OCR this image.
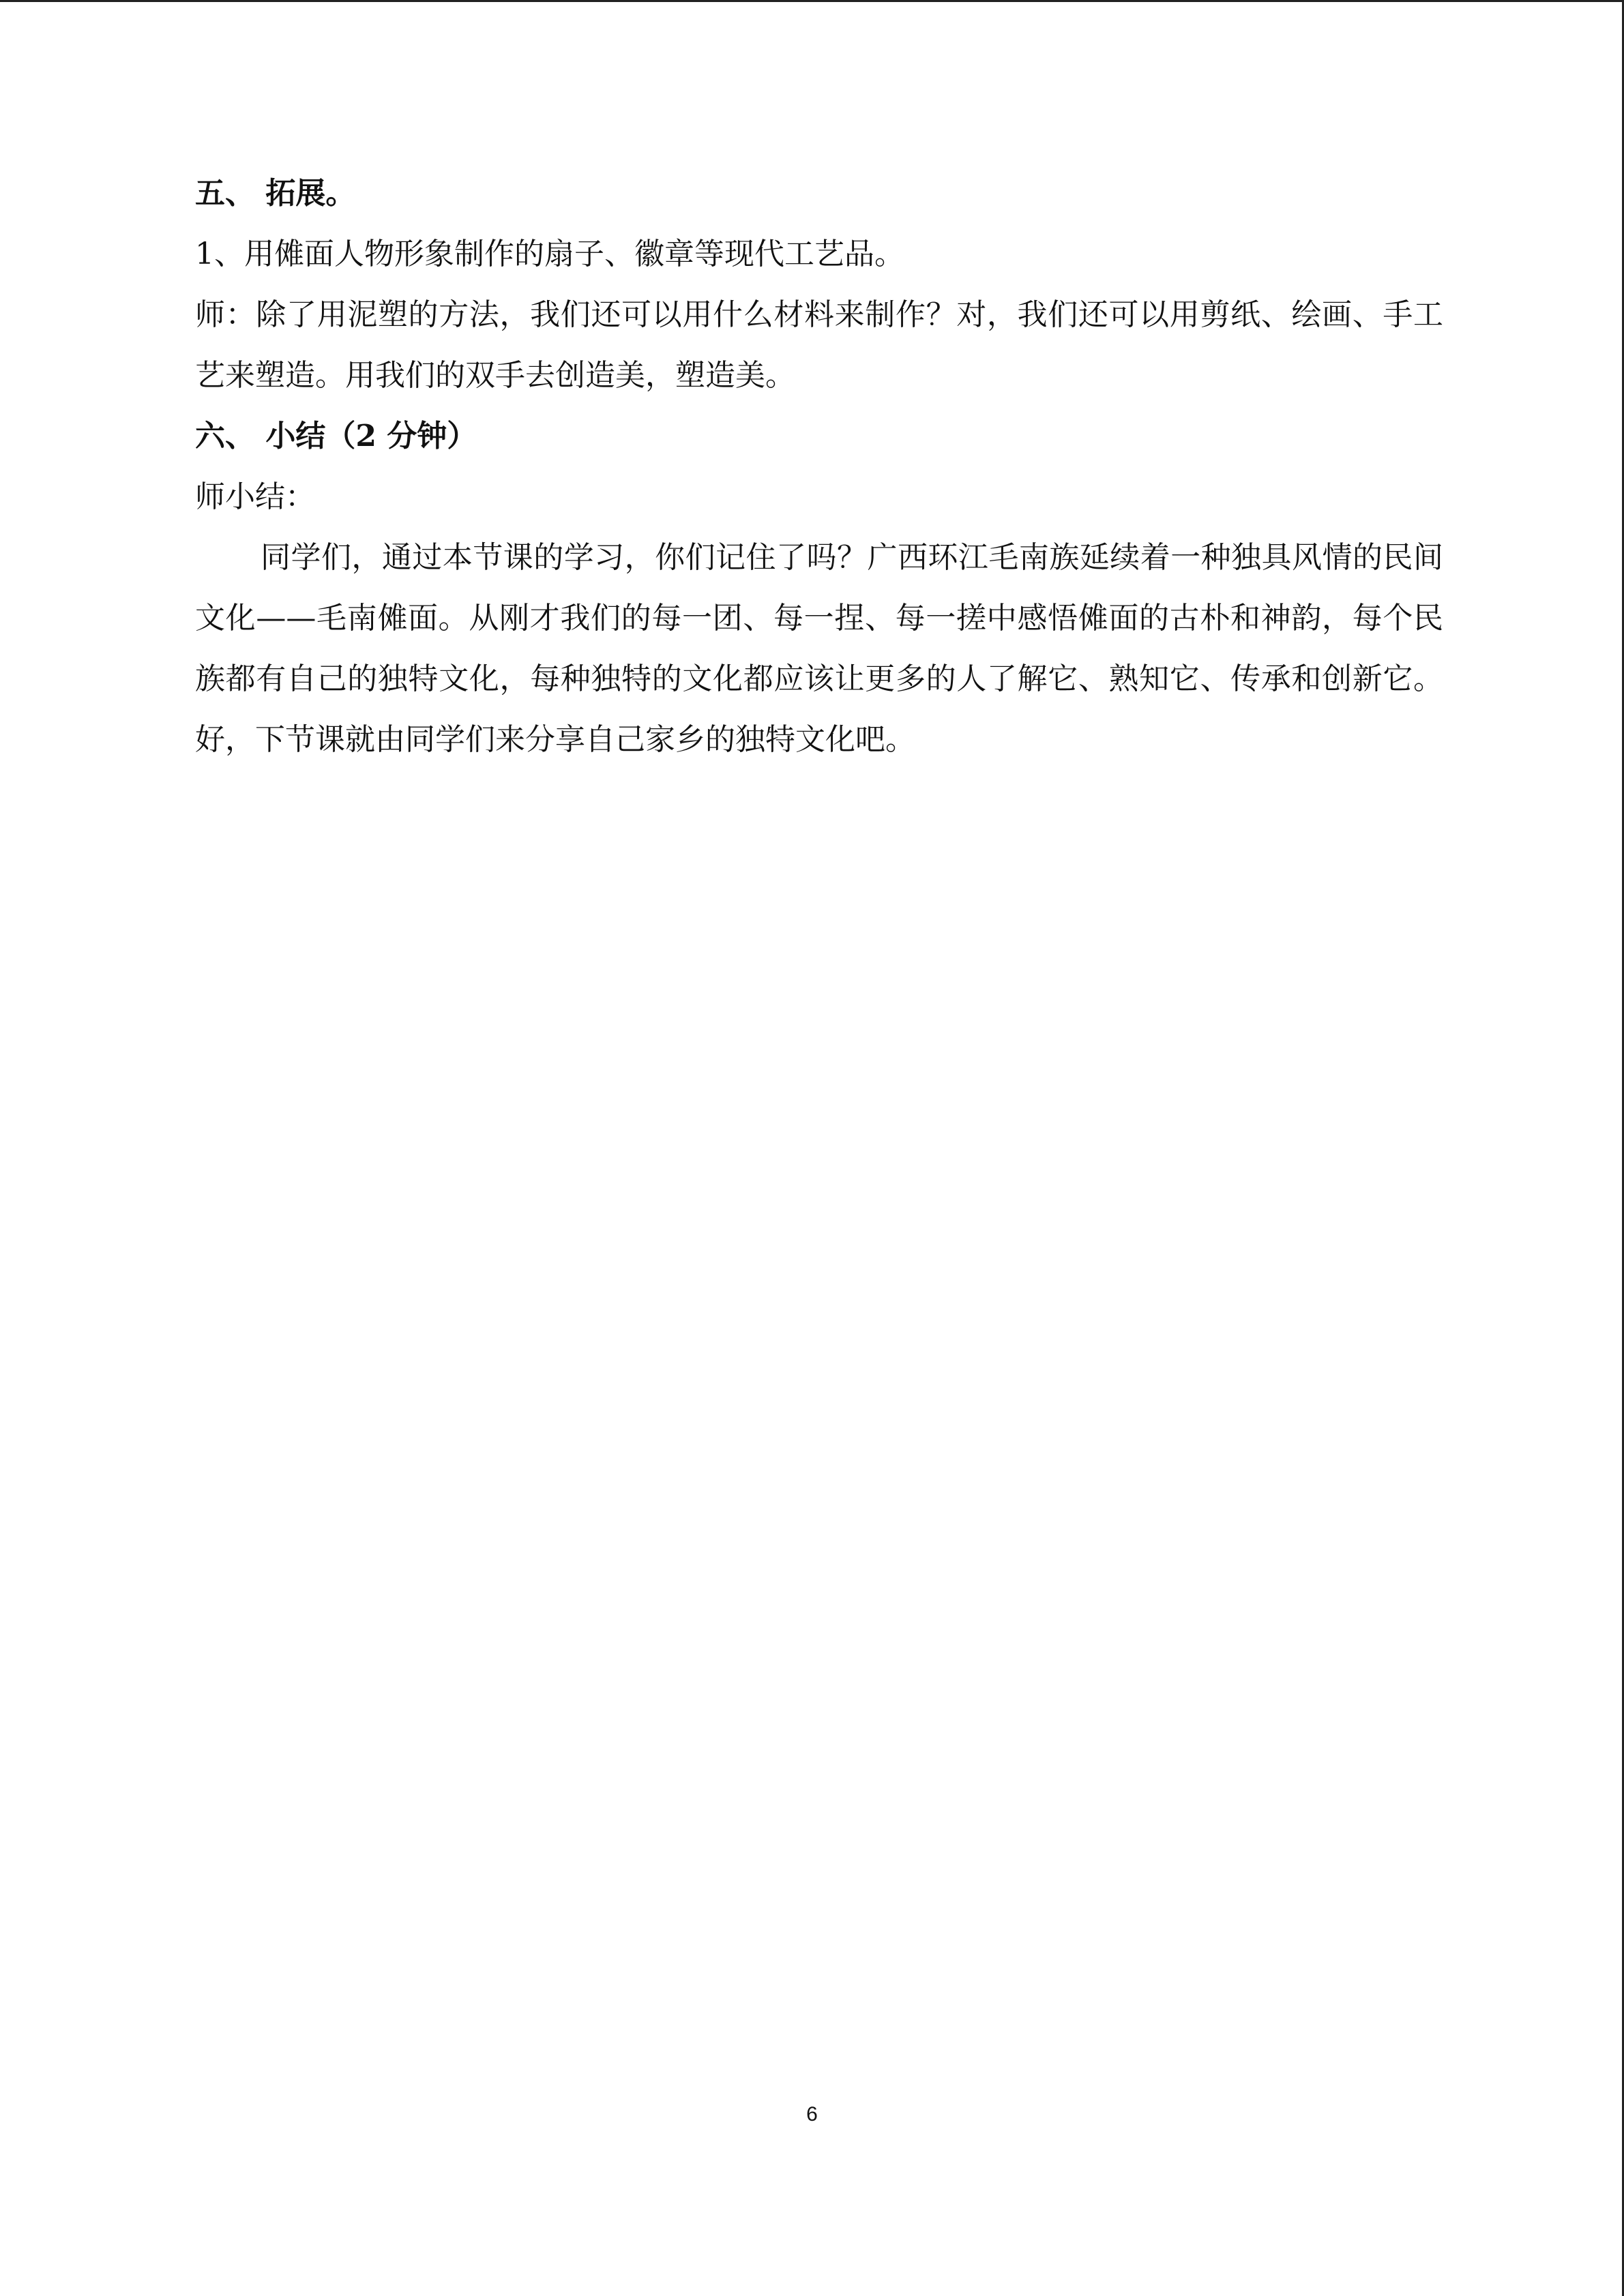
五、 拓展。

1、用傩面人物形象制作的扇子、徽章等现代工艺品。

师：除了用泥塑的方法，我们还可以用什么材料来制作？对，我们还可以用剪纸、绘画、手工艺来塑造。用我们的双手去创造美，塑造美。

六、 小结（2 分钟）

师小结：

同学们，通过本节课的学习，你们记住了吗？广西环江毛南族延续着一种独具风情的民间文化——毛南傩面。从刚才我们的每一团、每一捏、每一搓中感悟傩面的古朴和神韵，每个民族都有自己的独特文化，每种独特的文化都应该让更多的人了解它、熟知它、传承和创新它。好，下节课就由同学们来分享自己家乡的独特文化吧。

6
